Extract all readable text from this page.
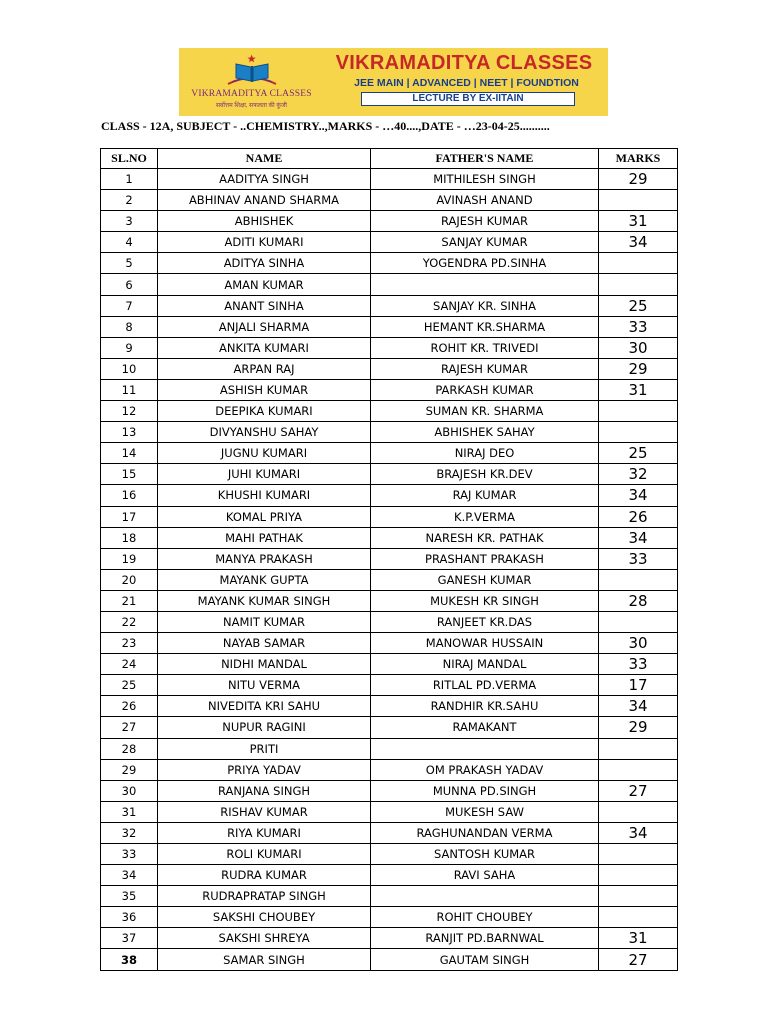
VIKRAMADITYA CLASSES
सर्वोत्तम शिक्षा, सफलता की कुंजी
VIKRAMADITYA CLASSES
JEE MAIN | ADVANCED | NEET | FOUNDTION
LECTURE BY EX-IITAIN
CLASS - 12A, SUBJECT - ..CHEMISTRY..,MARKS - …40....,DATE - …23-04-25..........
SL.NO	NAME	FATHER'S NAME	MARKS
1	AADITYA SINGH	MITHILESH SINGH	29
2	ABHINAV ANAND SHARMA	AVINASH ANAND	
3	ABHISHEK	RAJESH KUMAR	31
4	ADITI KUMARI	SANJAY KUMAR	34
5	ADITYA SINHA	YOGENDRA PD.SINHA	
6	AMAN KUMAR		
7	ANANT SINHA	SANJAY KR. SINHA	25
8	ANJALI SHARMA	HEMANT KR.SHARMA	33
9	ANKITA KUMARI	ROHIT KR. TRIVEDI	30
10	ARPAN RAJ	RAJESH KUMAR	29
11	ASHISH KUMAR	PARKASH KUMAR	31
12	DEEPIKA KUMARI	SUMAN KR. SHARMA	
13	DIVYANSHU SAHAY	ABHISHEK SAHAY	
14	JUGNU KUMARI	NIRAJ DEO	25
15	JUHI KUMARI	BRAJESH KR.DEV	32
16	KHUSHI KUMARI	RAJ KUMAR	34
17	KOMAL PRIYA	K.P.VERMA	26
18	MAHI PATHAK	NARESH KR. PATHAK	34
19	MANYA PRAKASH	PRASHANT PRAKASH	33
20	MAYANK GUPTA	GANESH KUMAR	
21	MAYANK KUMAR SINGH	MUKESH KR SINGH	28
22	NAMIT KUMAR	RANJEET KR.DAS	
23	NAYAB SAMAR	MANOWAR HUSSAIN	30
24	NIDHI MANDAL	NIRAJ MANDAL	33
25	NITU VERMA	RITLAL PD.VERMA	17
26	NIVEDITA KRI SAHU	RANDHIR KR.SAHU	34
27	NUPUR RAGINI	RAMAKANT	29
28	PRITI		
29	PRIYA YADAV	OM PRAKASH YADAV	
30	RANJANA SINGH	MUNNA PD.SINGH	27
31	RISHAV KUMAR	MUKESH SAW	
32	RIYA KUMARI	RAGHUNANDAN VERMA	34
33	ROLI KUMARI	SANTOSH KUMAR	
34	RUDRA KUMAR	RAVI SAHA	
35	RUDRAPRATAP SINGH		
36	SAKSHI CHOUBEY	ROHIT CHOUBEY	
37	SAKSHI SHREYA	RANJIT PD.BARNWAL	31
38	SAMAR SINGH	GAUTAM SINGH	27
